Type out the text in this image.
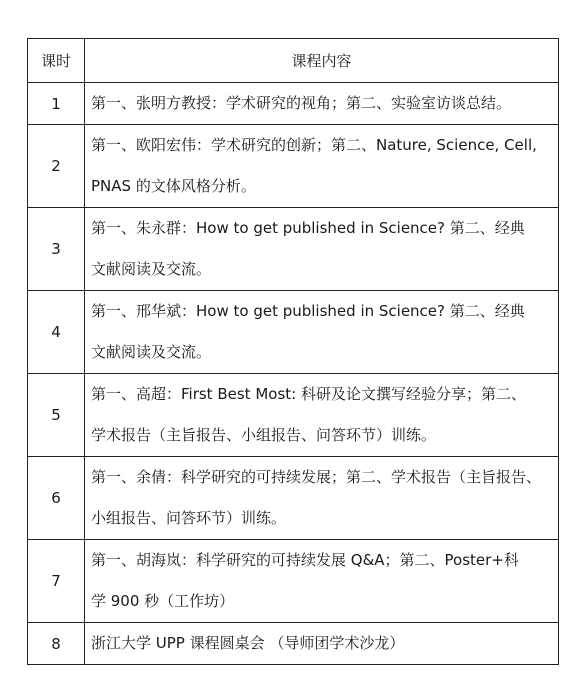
课时	课程内容
1	第一、张明方教授：学术研究的视角；第二、实验室访谈总结。

2	第一、欧阳宏伟：学术研究的创新；第二、Nature, Science, Cell,
PNAS 的文体风格分析。

3	第一、朱永群：How to get published in Science? 第二、经典
文献阅读及交流。

4	第一、邢华斌：How to get published in Science? 第二、经典
文献阅读及交流。

5	第一、高超：First Best Most: 科研及论文撰写经验分享；第二、
学术报告（主旨报告、小组报告、问答环节）训练。

6	第一、余倩：科学研究的可持续发展；第二、学术报告（主旨报告、
小组报告、问答环节）训练。

7	第一、胡海岚：科学研究的可持续发展 Q&A；第二、Poster+科
学 900 秒（工作坊）

8	浙江大学 UPP 课程圆桌会 （导师团学术沙龙）
